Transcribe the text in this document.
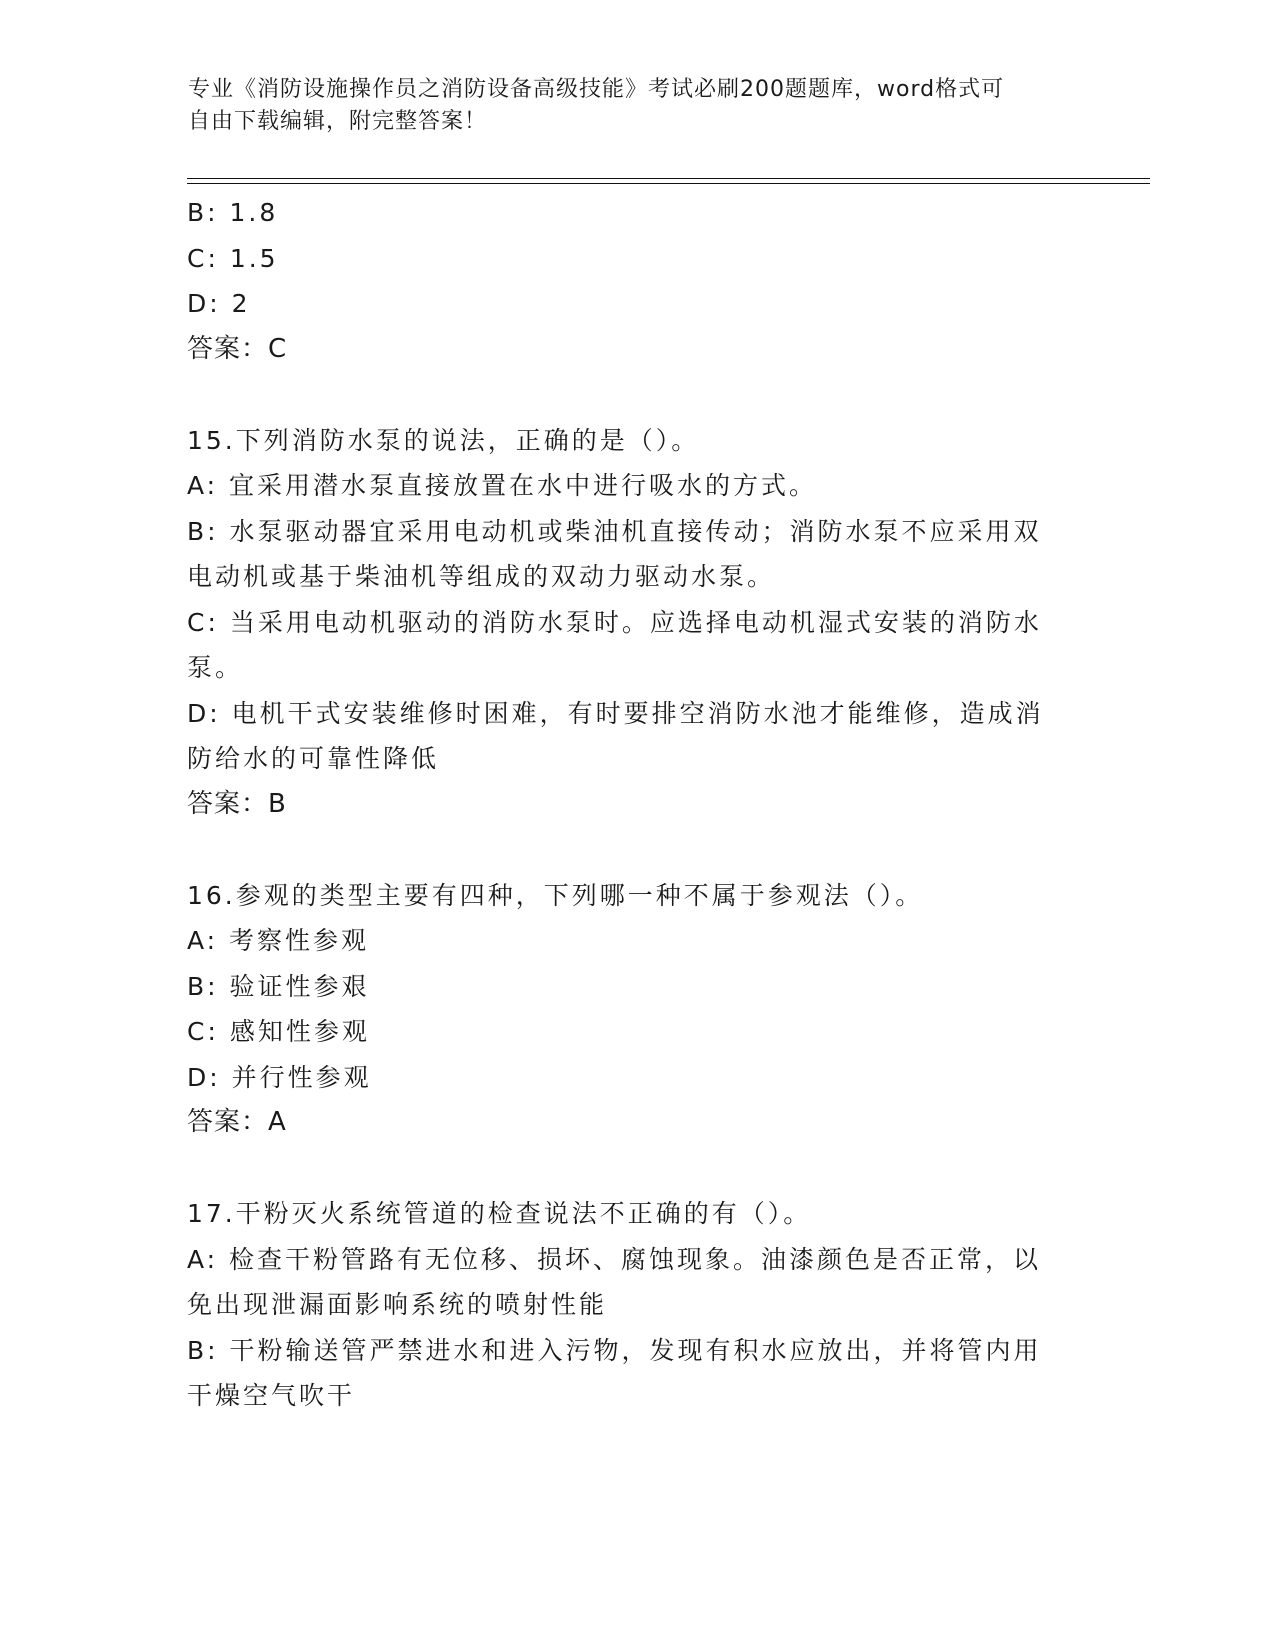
专业《消防设施操作员之消防设备高级技能》考试必刷200题题库，word格式可
自由下载编辑，附完整答案！
B: 1.8
C: 1.5
D: 2
答案：C
15.下列消防水泵的说法，正确的是（）。
A: 宜采用潜水泵直接放置在水中进行吸水的方式。
B: 水泵驱动器宜采用电动机或柴油机直接传动；消防水泵不应采用双
电动机或基于柴油机等组成的双动力驱动水泵。
C: 当采用电动机驱动的消防水泵时。应选择电动机湿式安装的消防水
泵。
D: 电机干式安装维修时困难，有时要排空消防水池才能维修，造成消
防给水的可靠性降低
答案：B
16.参观的类型主要有四种，下列哪一种不属于参观法（）。
A: 考察性参观
B: 验证性参艰
C: 感知性参观
D: 并行性参观
答案：A
17.干粉灭火系统管道的检查说法不正确的有（）。
A: 检查干粉管路有无位移、损坏、腐蚀现象。油漆颜色是否正常，以
免出现泄漏面影响系统的喷射性能
B: 干粉输送管严禁进水和进入污物，发现有积水应放出，并将管内用
干燥空气吹干
